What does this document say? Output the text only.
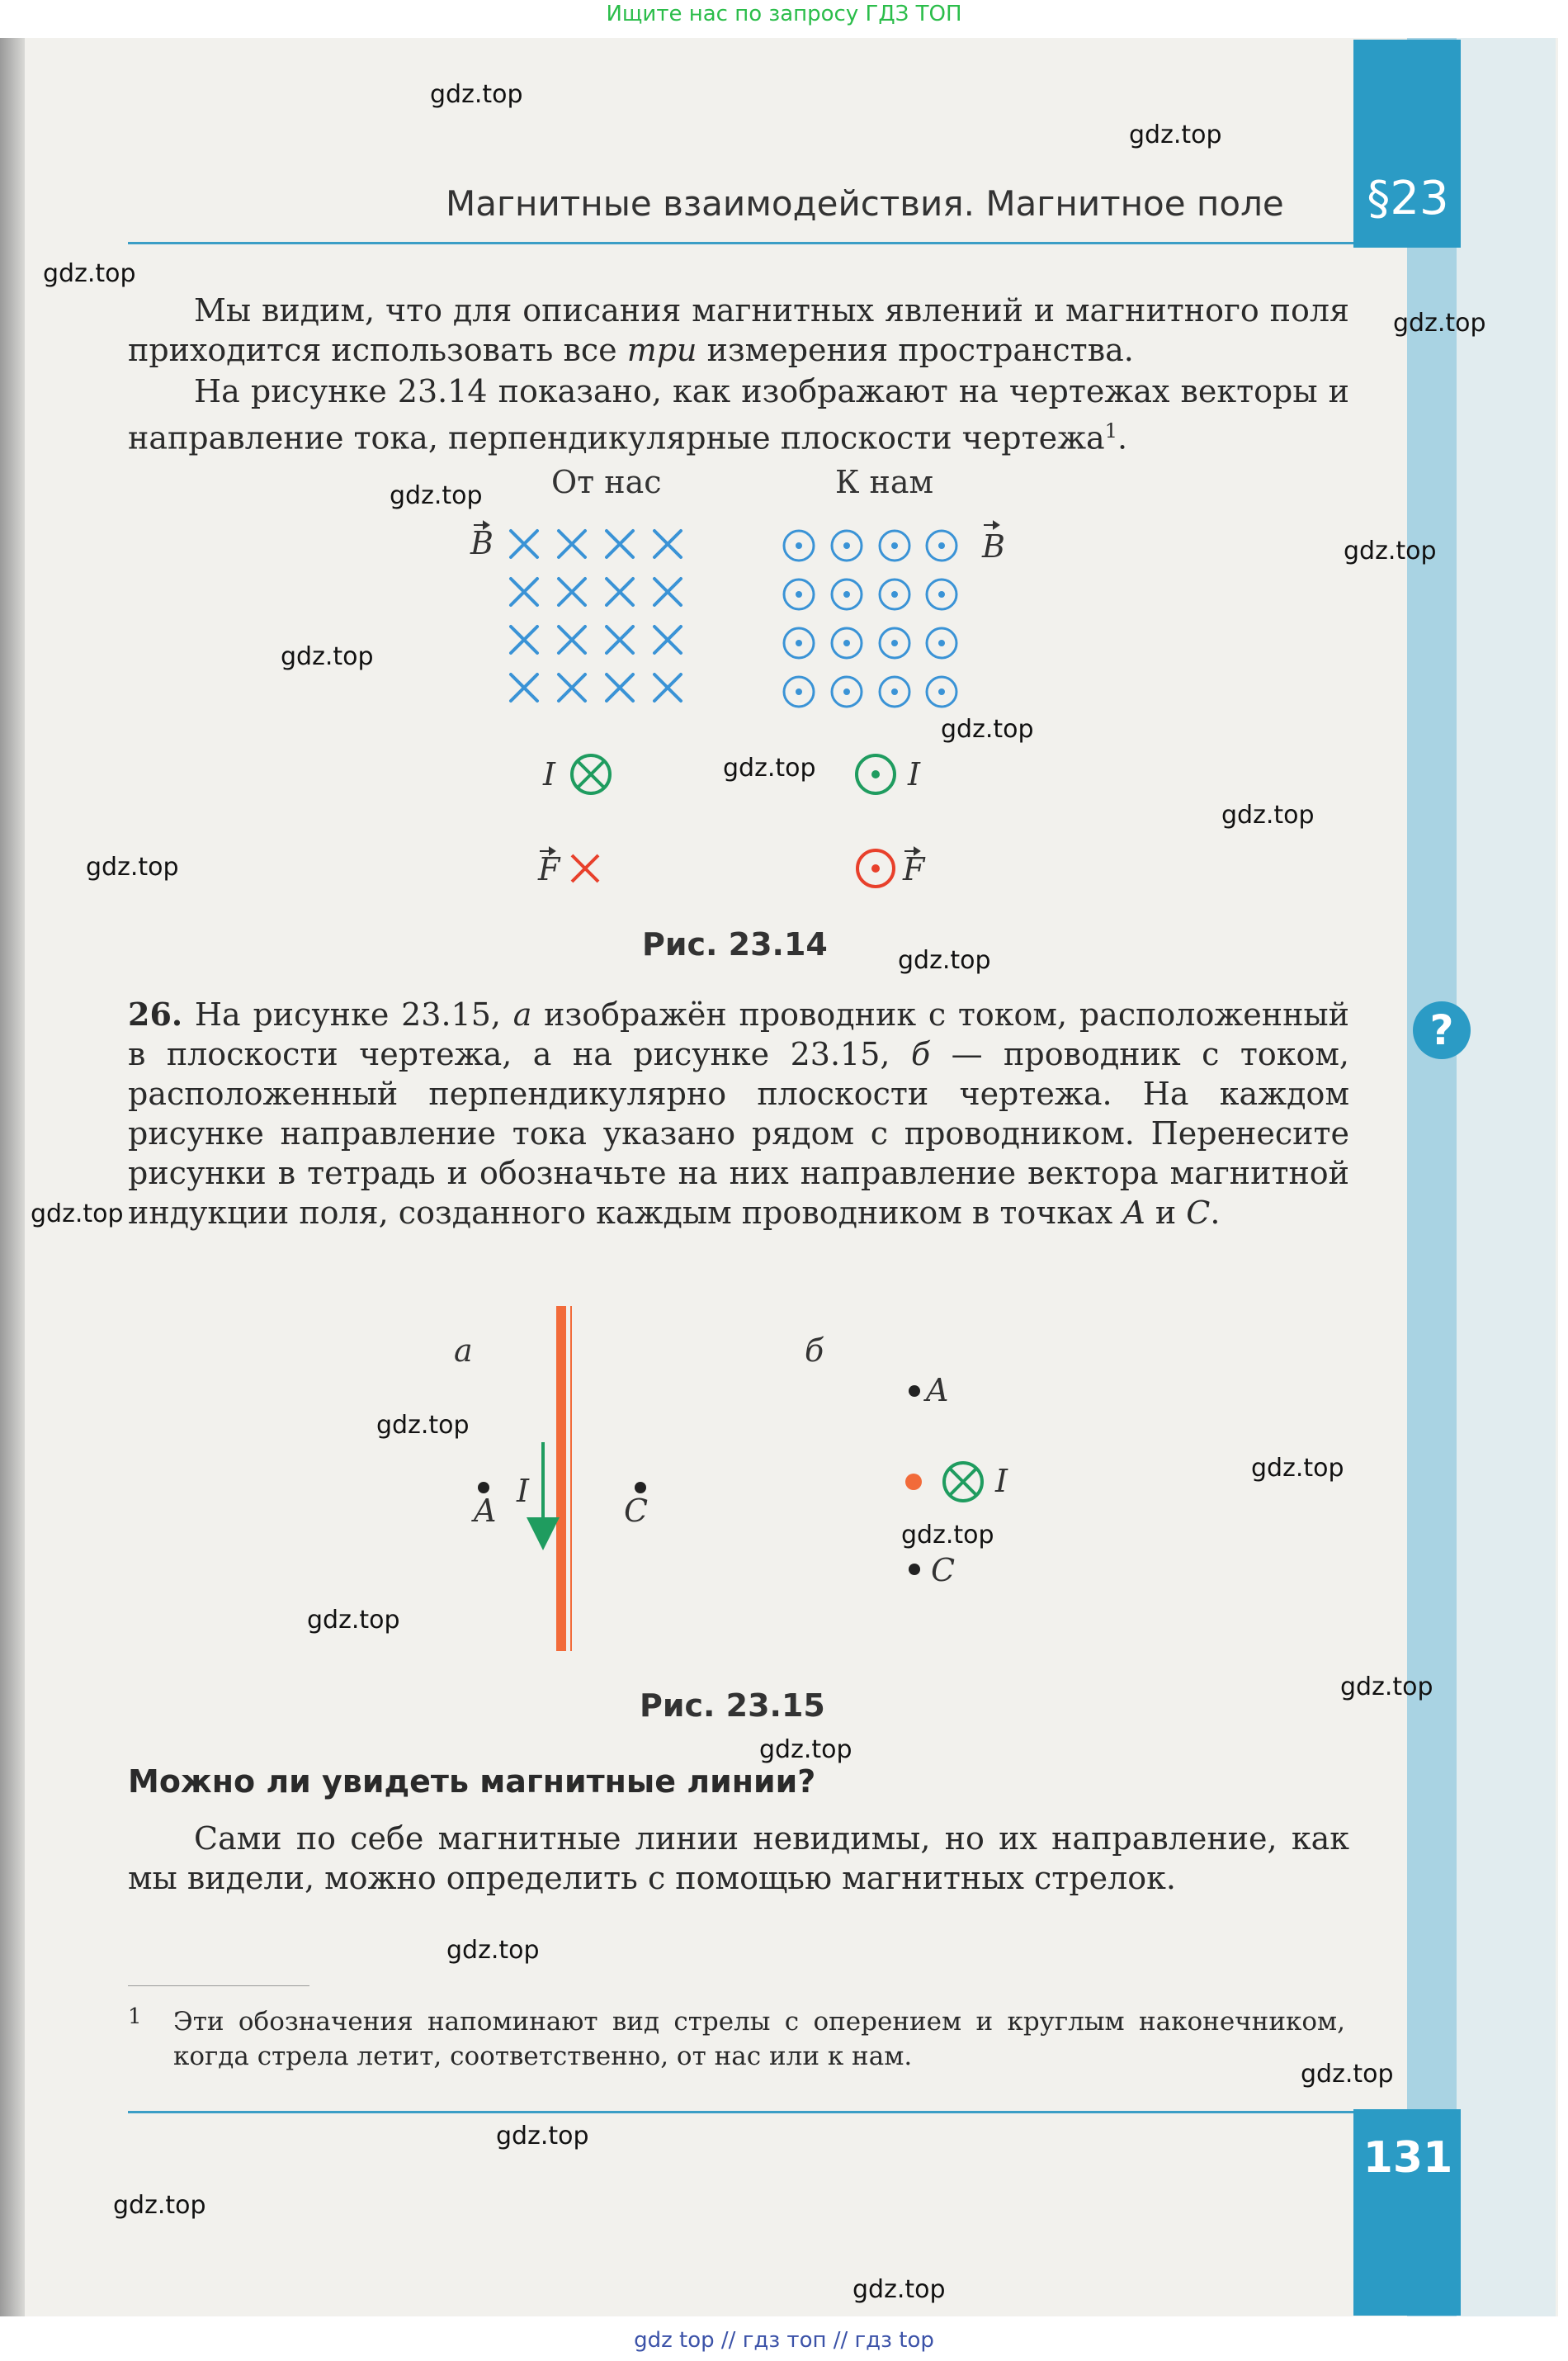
Ищите нас по запросу ГДЗ ТОП
Магнитные взаимодействия. Магнитное поле §23

Мы видим, что для описания магнитных явлений и магнитного поля приходится использовать все три измерения пространства.

На рисунке 23.14 показано, как изображают на чертежах векторы и направление тока, перпендикулярные плоскости чертежа$^1$.

От нас	К нам
B	B
I	I
F	F
Рис. 23.14

26. На рисунке 23.15, а изображён проводник с током, расположенный в плоскости чертежа, а на рисунке 23.15, б — проводник с током, расположенный перпендикулярно плоскости чертежа. На каждом рисунке направление тока указано рядом с проводником. Перенесите рисунки в тетрадь и обозначьте на них направление вектора магнитной индукции поля, созданного каждым проводником в точках A и C.

а	б
A
I
C
A
I
C
Рис. 23.15
Можно ли увидеть магнитные линии?

Сами по себе магнитные линии невидимы, но их направление, как мы видели, можно определить с помощью магнитных стрелок.

1 Эти обозначения напоминают вид стрелы с оперением и круглым наконечником, когда стрела летит, соответственно, от нас или к нам.

131
?
gdz.top
gdz.top
gdz.top
gdz.top
gdz.top
gdz.top
gdz.top
gdz.top
gdz.top
gdz.top
gdz.top
gdz.top
gdz.top
gdz.top
gdz.top
gdz.top
gdz.top
gdz.top
gdz.top
gdz.top
gdz.top
gdz.top
gdz.top
gdz.top
gdz top // гдз топ // гдз top
